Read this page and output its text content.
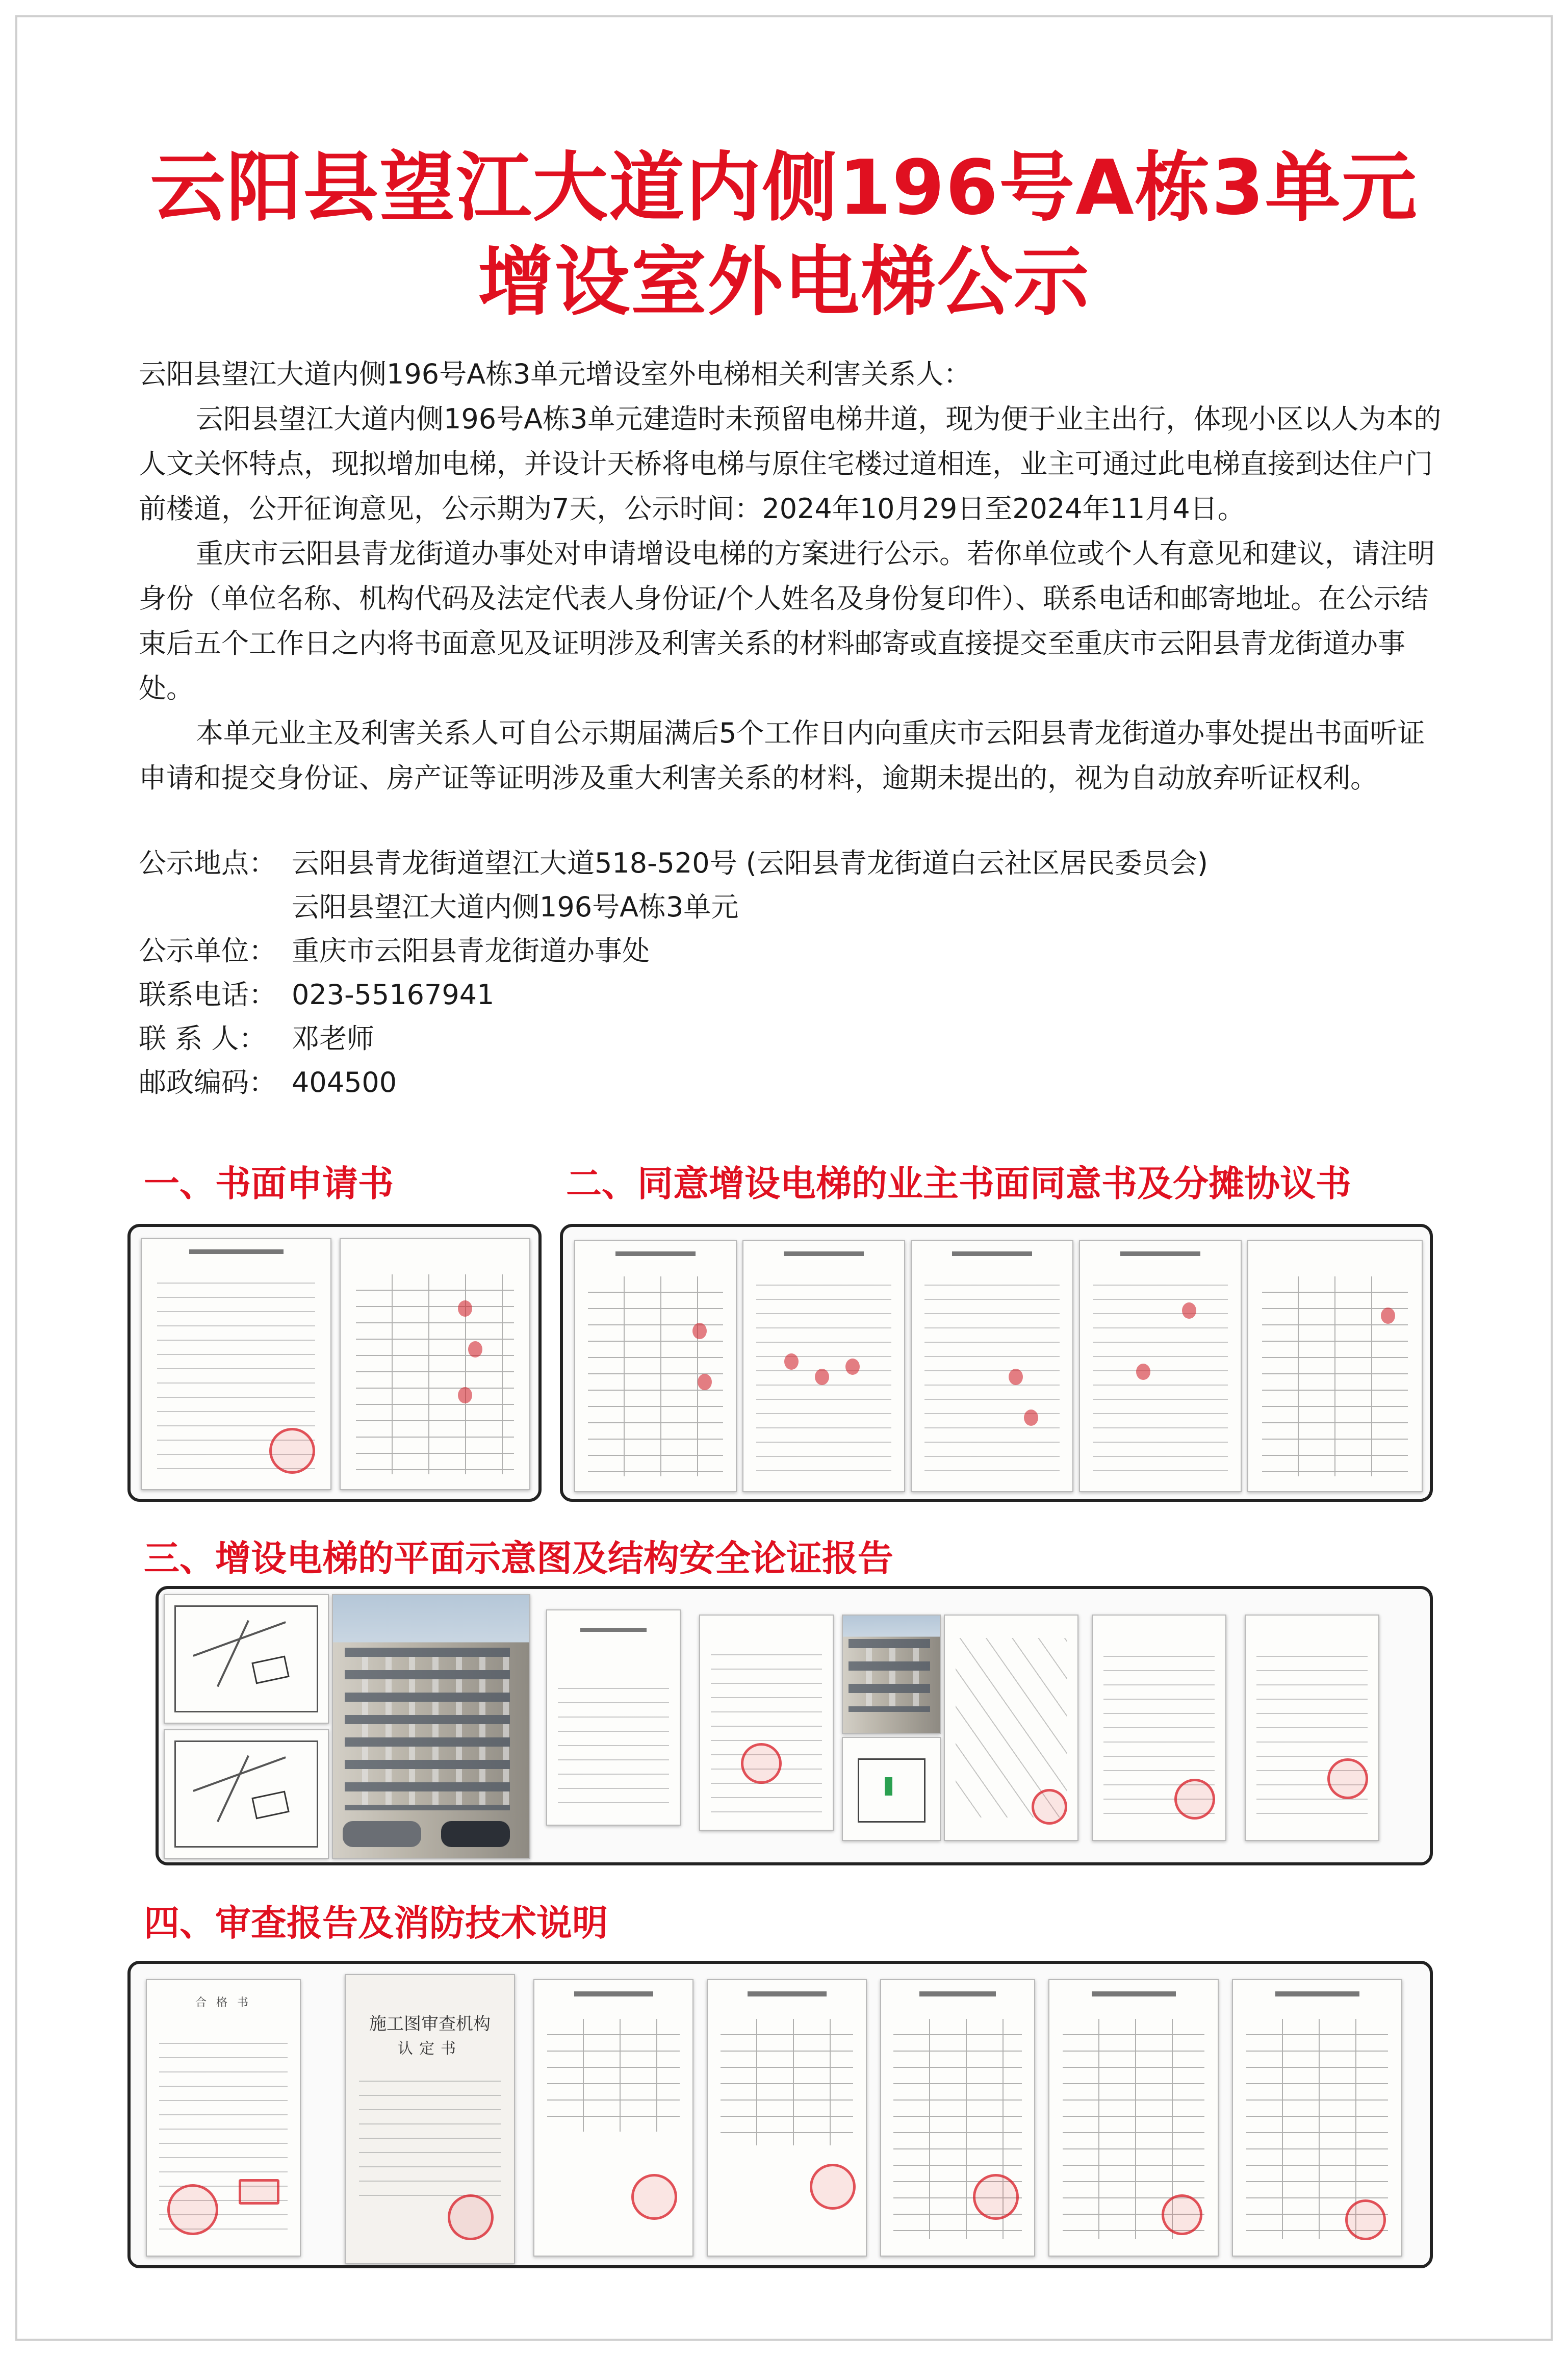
云阳县望江大道内侧196号A栋3单元
增设室外电梯公示

云阳县望江大道内侧196号A栋3单元增设室外电梯相关利害关系人：

云阳县望江大道内侧196号A栋3单元建造时未预留电梯井道，现为便于业主出行，体现小区以人为本的人文关怀特点，现拟增加电梯，并设计天桥将电梯与原住宅楼过道相连，业主可通过此电梯直接到达住户门前楼道，公开征询意见，公示期为7天，公示时间：2024年10月29日至2024年11月4日。

重庆市云阳县青龙街道办事处对申请增设电梯的方案进行公示。若你单位或个人有意见和建议，请注明身份（单位名称、机构代码及法定代表人身份证/个人姓名及身份复印件）、联系电话和邮寄地址。在公示结束后五个工作日之内将书面意见及证明涉及利害关系的材料邮寄或直接提交至重庆市云阳县青龙街道办事处。

本单元业主及利害关系人可自公示期届满后5个工作日内向重庆市云阳县青龙街道办事处提出书面听证申请和提交身份证、房产证等证明涉及重大利害关系的材料，逾期未提出的，视为自动放弃听证权利。

公示地点： 云阳县青龙街道望江大道518-520号 (云阳县青龙街道白云社区居民委员会)
云阳县望江大道内侧196号A栋3单元
公示单位： 重庆市云阳县青龙街道办事处
联系电话： 023-55167941
联 系 人： 邓老师
邮政编码： 404500
一、书面申请书	二、同意增设电梯的业主书面同意书及分摊协议书
三、增设电梯的平面示意图及结构安全论证报告
四、审查报告及消防技术说明
合 格 书
施工图审查机构
认定书
